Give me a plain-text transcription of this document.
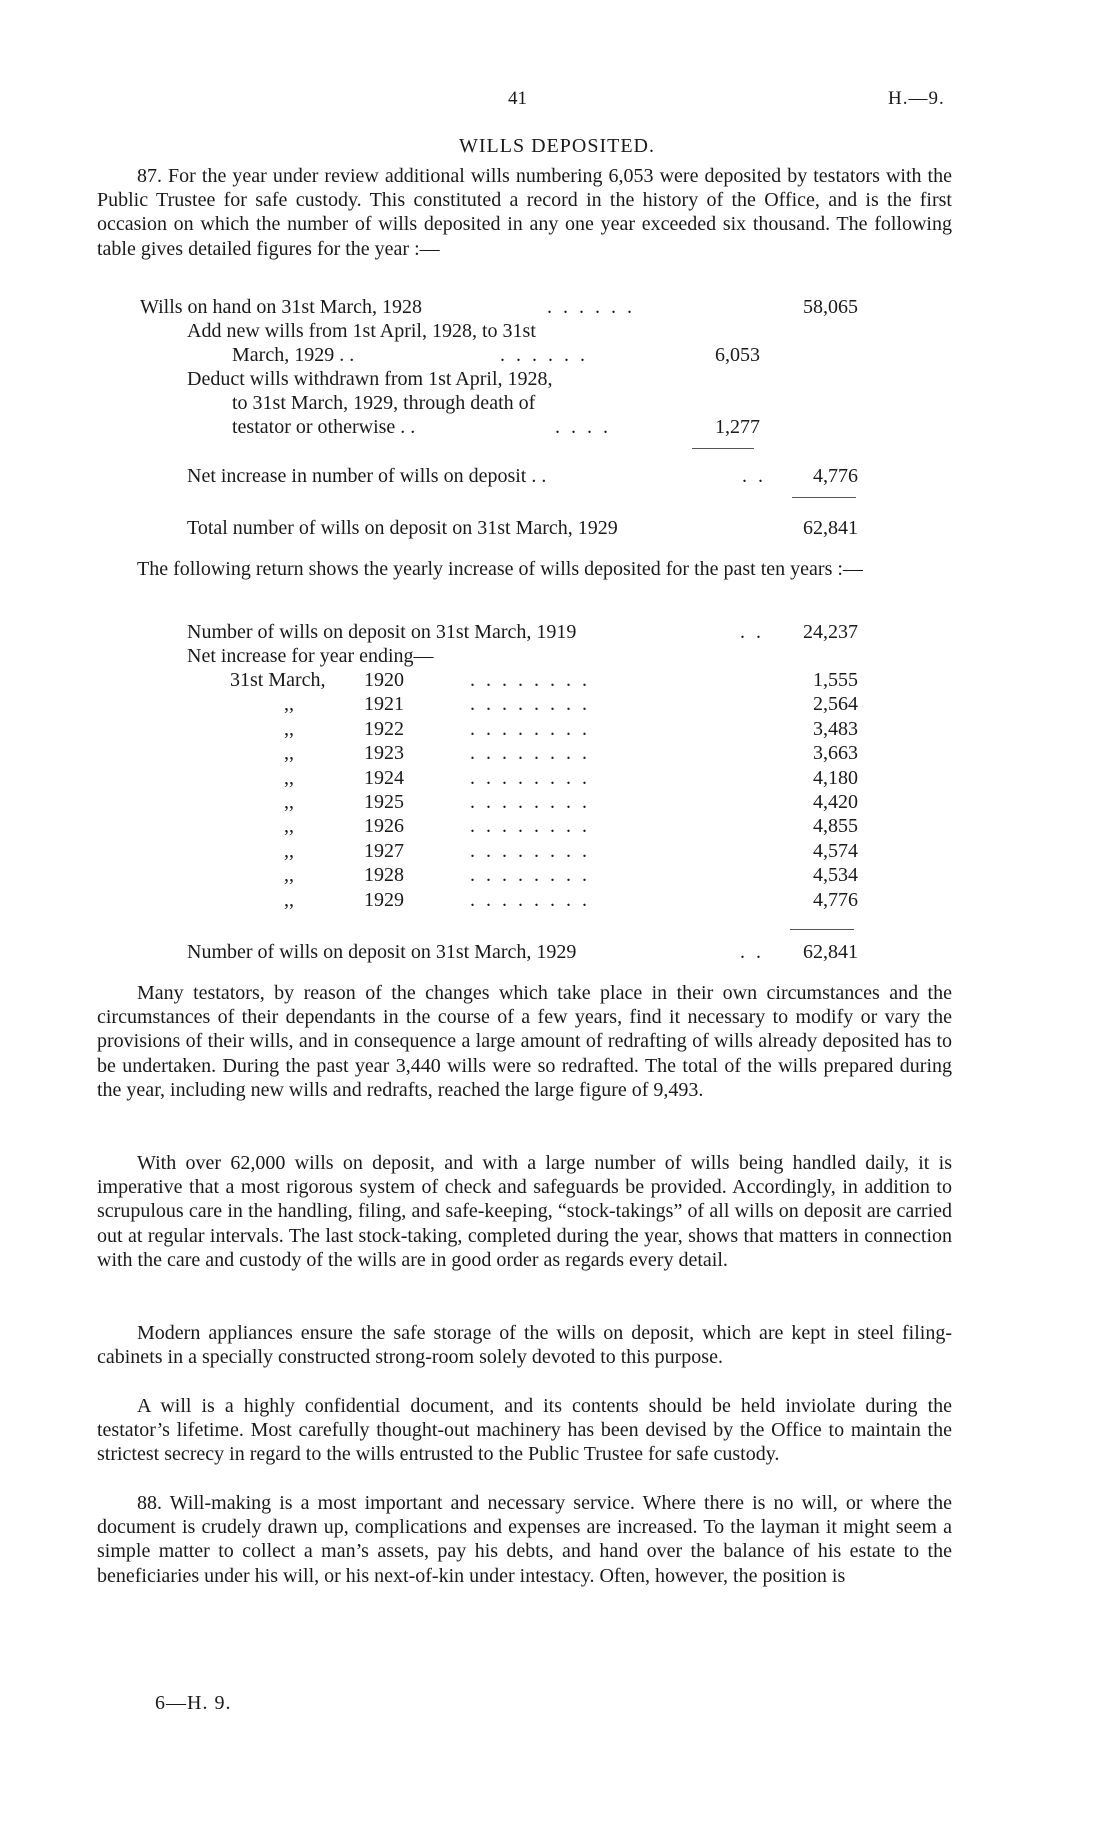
41	H.—9.
WILLS DEPOSITED.
87. For the year under review additional wills numbering 6,053 were deposited by testators with the Public Trustee for safe custody. This constituted a record in the history of the Office, and is the first occasion on which the number of wills deposited in any one year exceeded six thousand. The following table gives detailed figures for the year :—
Wills on hand on 31st March, 1928	. . . . . .	58,065
Add new wills from 1st April, 1928, to 31st
March, 1929 . .	. . . . . .	6,053
Deduct wills withdrawn from 1st April, 1928,
to 31st March, 1929, through death of
testator or otherwise . .	. . . .	1,277
Net increase in number of wills on deposit . .	. .	4,776
Total number of wills on deposit on 31st March, 1929	62,841
The following return shows the yearly increase of wills deposited for the past ten years :—
Number of wills on deposit on 31st March, 1919	. .	24,237
Net increase for year ending—
31st March, 1920	. . . . . . . .	1,555
,,	1921	. . . . . . . .	2,564
,,	1922	. . . . . . . .	3,483
,,	1923	. . . . . . . .	3,663
,,	1924	. . . . . . . .	4,180
,,	1925	. . . . . . . .	4,420
,,	1926	. . . . . . . .	4,855
,,	1927	. . . . . . . .	4,574
,,	1928	. . . . . . . .	4,534
,,	1929	. . . . . . . .	4,776
Number of wills on deposit on 31st March, 1929	. .	62,841
Many testators, by reason of the changes which take place in their own circumstances and the circumstances of their dependants in the course of a few years, find it necessary to modify or vary the provisions of their wills, and in consequence a large amount of redrafting of wills already deposited has to be undertaken. During the past year 3,440 wills were so redrafted. The total of the wills prepared during the year, including new wills and redrafts, reached the large figure of 9,493.
With over 62,000 wills on deposit, and with a large number of wills being handled daily, it is imperative that a most rigorous system of check and safeguards be provided. Accordingly, in addition to scrupulous care in the handling, filing, and safe-keeping, “stock-takings” of all wills on deposit are carried out at regular intervals. The last stock-taking, completed during the year, shows that matters in connection with the care and custody of the wills are in good order as regards every detail.
Modern appliances ensure the safe storage of the wills on deposit, which are kept in steel filing-cabinets in a specially constructed strong-room solely devoted to this purpose.
A will is a highly confidential document, and its contents should be held inviolate during the testator’s lifetime. Most carefully thought-out machinery has been devised by the Office to maintain the strictest secrecy in regard to the wills entrusted to the Public Trustee for safe custody.
88. Will-making is a most important and necessary service. Where there is no will, or where the document is crudely drawn up, complications and expenses are increased. To the layman it might seem a simple matter to collect a man’s assets, pay his debts, and hand over the balance of his estate to the beneficiaries under his will, or his next-of-kin under intestacy. Often, however, the position is
6—H. 9.
